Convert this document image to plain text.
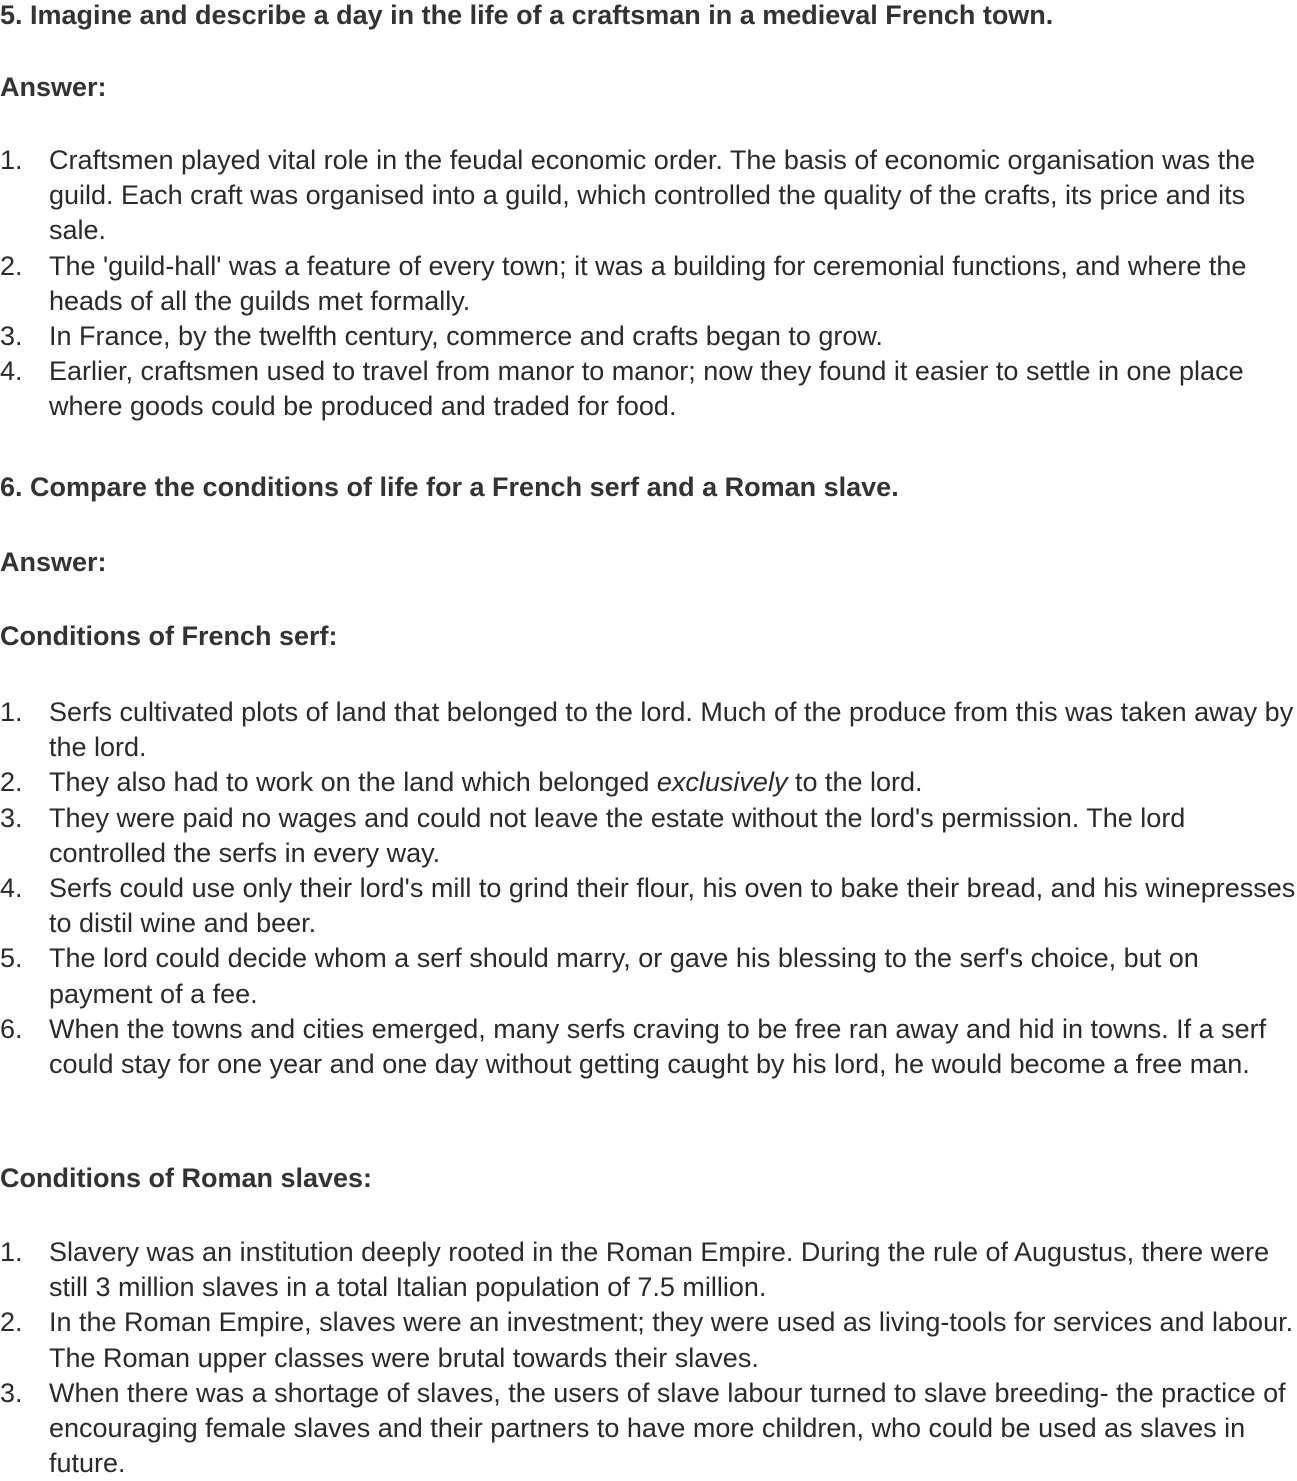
5. Imagine and describe a day in the life of a craftsman in a medieval French town.
Answer:
1. Craftsmen played vital role in the feudal economic order. The basis of economic organisation was the guild. Each craft was organised into a guild, which controlled the quality of the crafts, its price and its sale.
2. The 'guild-hall' was a feature of every town; it was a building for ceremonial functions, and where the heads of all the guilds met formally.
3. In France, by the twelfth century, commerce and crafts began to grow.
4. Earlier, craftsmen used to travel from manor to manor; now they found it easier to settle in one place where goods could be produced and traded for food.
6. Compare the conditions of life for a French serf and a Roman slave.
Answer:
Conditions of French serf:
1. Serfs cultivated plots of land that belonged to the lord. Much of the produce from this was taken away by the lord.
2. They also had to work on the land which belonged exclusively to the lord.
3. They were paid no wages and could not leave the estate without the lord's permission. The lord controlled the serfs in every way.
4. Serfs could use only their lord's mill to grind their flour, his oven to bake their bread, and his winepresses to distil wine and beer.
5. The lord could decide whom a serf should marry, or gave his blessing to the serf's choice, but on payment of a fee.
6. When the towns and cities emerged, many serfs craving to be free ran away and hid in towns. If a serf could stay for one year and one day without getting caught by his lord, he would become a free man.
Conditions of Roman slaves:
1. Slavery was an institution deeply rooted in the Roman Empire. During the rule of Augustus, there were still 3 million slaves in a total Italian population of 7.5 million.
2. In the Roman Empire, slaves were an investment; they were used as living-tools for services and labour. The Roman upper classes were brutal towards their slaves.
3. When there was a shortage of slaves, the users of slave labour turned to slave breeding- the practice of encouraging female slaves and their partners to have more children, who could be used as slaves in future.
